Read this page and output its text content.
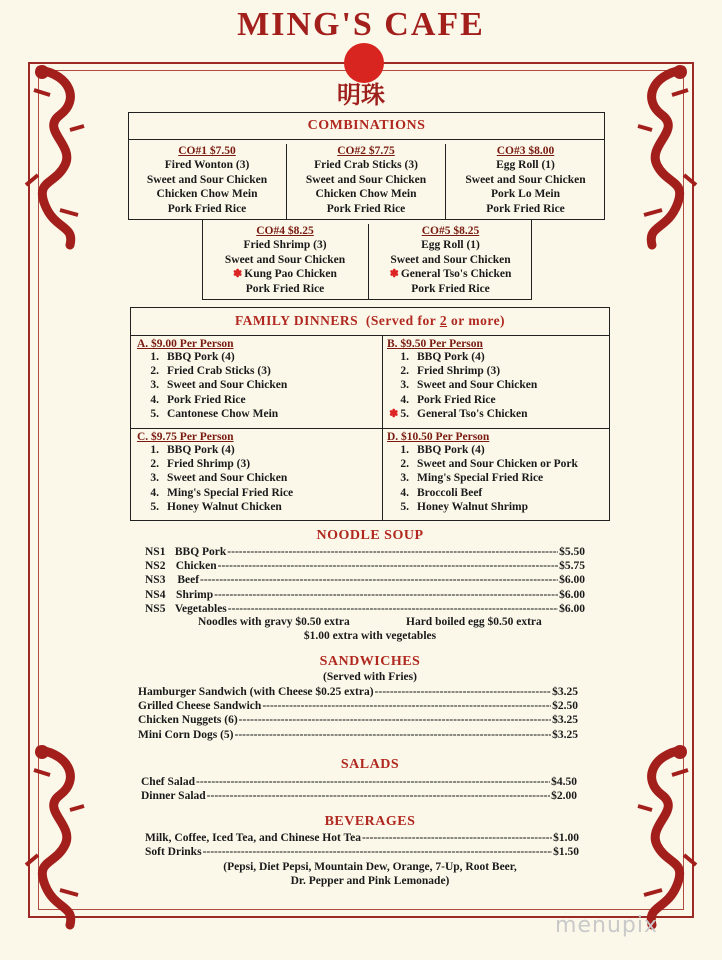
MING'S CAFE
明珠
COMBINATIONS
CO#1 $7.50
Fired Wonton (3)
Sweet and Sour Chicken
Chicken Chow Mein
Pork Fried Rice
CO#2 $7.75
Fried Crab Sticks (3)
Sweet and Sour Chicken
Chicken Chow Mein
Pork Fried Rice
CO#3 $8.00
Egg Roll (1)
Sweet and Sour Chicken
Pork Lo Mein
Pork Fried Rice
CO#4 $8.25
Fried Shrimp (3)
Sweet and Sour Chicken
✽ Kung Pao Chicken
Pork Fried Rice
CO#5 $8.25
Egg Roll (1)
Sweet and Sour Chicken
✽ General Tso's Chicken
Pork Fried Rice
FAMILY DINNERS (Served for 2 or more)
A. $9.00 Per Person
1. BBQ Pork (4)
2. Fried Crab Sticks (3)
3. Sweet and Sour Chicken
4. Pork Fried Rice
5. Cantonese Chow Mein
B. $9.50 Per Person
1. BBQ Pork (4)
2. Fried Shrimp (3)
3. Sweet and Sour Chicken
4. Pork Fried Rice
✽ 5. General Tso's Chicken
C. $9.75 Per Person
1. BBQ Pork (4)
2. Fried Shrimp (3)
3. Sweet and Sour Chicken
4. Ming's Special Fried Rice
5. Honey Walnut Chicken
D. $10.50 Per Person
1. BBQ Pork (4)
2. Sweet and Sour Chicken or Pork
3. Ming's Special Fried Rice
4. Broccoli Beef
5. Honey Walnut Shrimp
NOODLE SOUP
NS1 BBQ Pork -----	$5.50
NS2 Chicken -----	$5.75
NS3	Beef -----	$6.00
NS4 Shrimp -----	$6.00
NS5 Vegetables -----	$6.00
Noodles with gravy $0.50 extra	Hard boiled egg $0.50 extra
$1.00 extra with vegetables
SANDWICHES
(Served with Fries)
Hamburger Sandwich (with Cheese $0.25 extra) -----	$3.25
Grilled Cheese Sandwich -----	$2.50
Chicken Nuggets (6) -----	$3.25
Mini Corn Dogs (5) -----	$3.25
SALADS
Chef Salad -----	$4.50
Dinner Salad -----	$2.00
BEVERAGES
Milk, Coffee, Iced Tea, and Chinese Hot Tea -----	$1.00
Soft Drinks -----	$1.50
(Pepsi, Diet Pepsi, Mountain Dew, Orange, 7-Up, Root Beer,
Dr. Pepper and Pink Lemonade)
menupix
